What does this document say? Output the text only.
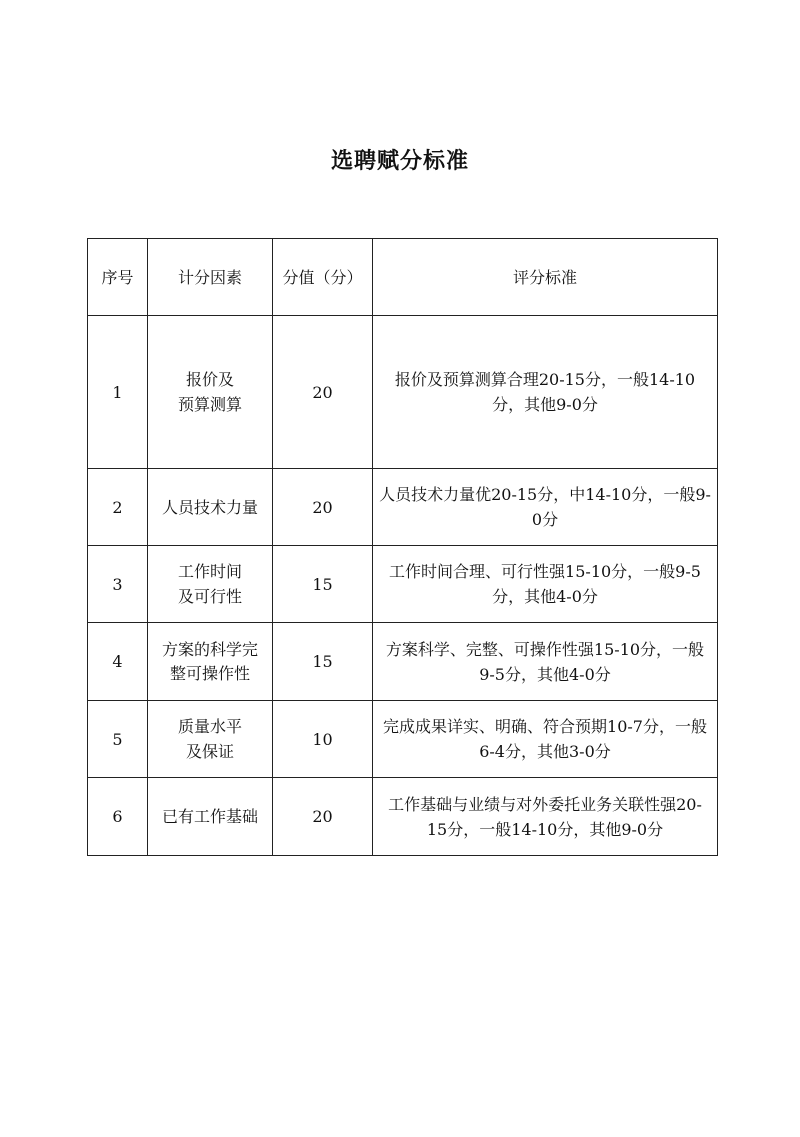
选聘赋分标准
序号	计分因素	分值（分）	评分标准
1	报价及
预算测算	20	报价及预算测算合理20-15分，一般14-10分，其他9-0分
2	人员技术力量	20	人员技术力量优20-15分，中14-10分，一般9-0分
3	工作时间
及可行性	15	工作时间合理、可行性强15-10分，一般9-5分，其他4-0分
4	方案的科学完整可操作性	15	方案科学、完整、可操作性强15-10分，一般9-5分，其他4-0分
5	质量水平
及保证	10	完成成果详实、明确、符合预期10-7分，一般6-4分，其他3-0分
6	已有工作基础	20	工作基础与业绩与对外委托业务关联性强20-15分，一般14-10分，其他9-0分
